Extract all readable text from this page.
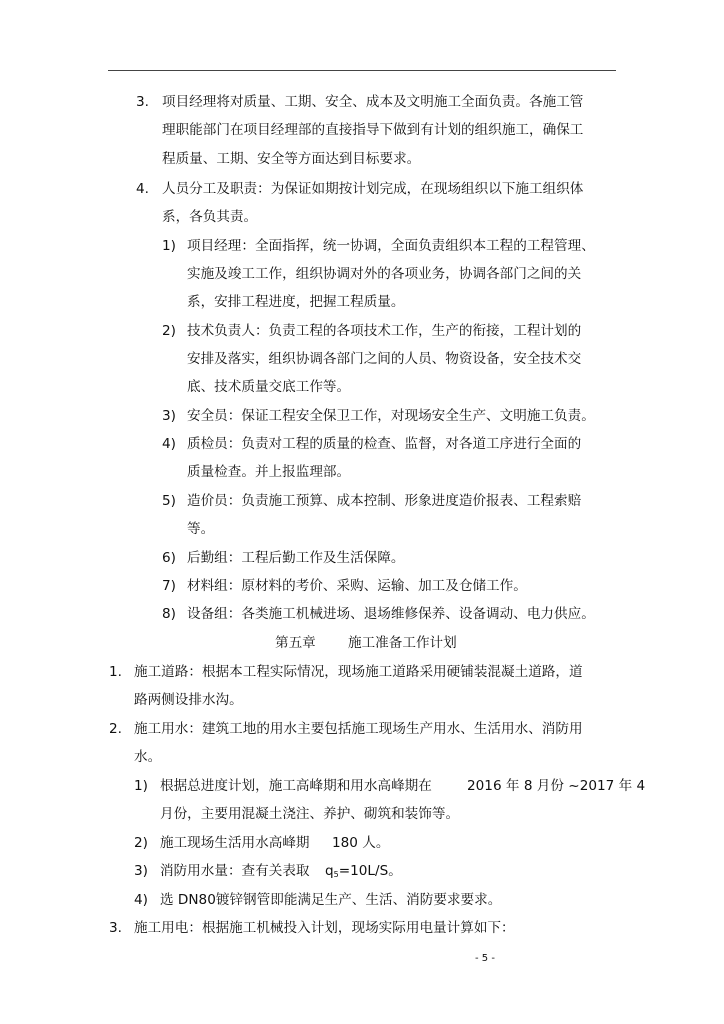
3. 项目经理将对质量、工期、安全、成本及文明施工全面负责。各施工管
理职能部门在项目经理部的直接指导下做到有计划的组织施工，确保工
程质量、工期、安全等方面达到目标要求。
4. 人员分工及职责：为保证如期按计划完成，在现场组织以下施工组织体
系，各负其责。
1) 项目经理：全面指挥，统一协调，全面负责组织本工程的工程管理、
实施及竣工工作，组织协调对外的各项业务，协调各部门之间的关
系，安排工程进度，把握工程质量。
2) 技术负责人：负责工程的各项技术工作，生产的衔接，工程计划的
安排及落实，组织协调各部门之间的人员、物资设备，安全技术交
底、技术质量交底工作等。
3) 安全员：保证工程安全保卫工作，对现场安全生产、文明施工负责。
4) 质检员：负责对工程的质量的检查、监督，对各道工序进行全面的
质量检查。并上报监理部。
5) 造价员：负责施工预算、成本控制、形象进度造价报表、工程索赔
等。
6) 后勤组：工程后勤工作及生活保障。
7) 材料组：原材料的考价、采购、运输、加工及仓储工作。
8) 设备组：各类施工机械进场、退场维修保养、设备调动、电力供应。
第五章 施工准备工作计划
1. 施工道路：根据本工程实际情况，现场施工道路采用硬铺装混凝土道路，道
路两侧设排水沟。
2. 施工用水：建筑工地的用水主要包括施工现场生产用水、生活用水、消防用
水。
1) 根据总进度计划，施工高峰期和用水高峰期在	2016 年 8 月份 ~2017 年 4
月份，主要用混凝土浇注、养护、砌筑和装饰等。
2) 施工现场生活用水高峰期 180 人。
3) 消防用水量：查有关表取 $q_5=10L/S$。
4) 选 DN80镀锌钢管即能满足生产、生活、消防要求要求。
3. 施工用电：根据施工机械投入计划，现场实际用电量计算如下：
- 5 -
